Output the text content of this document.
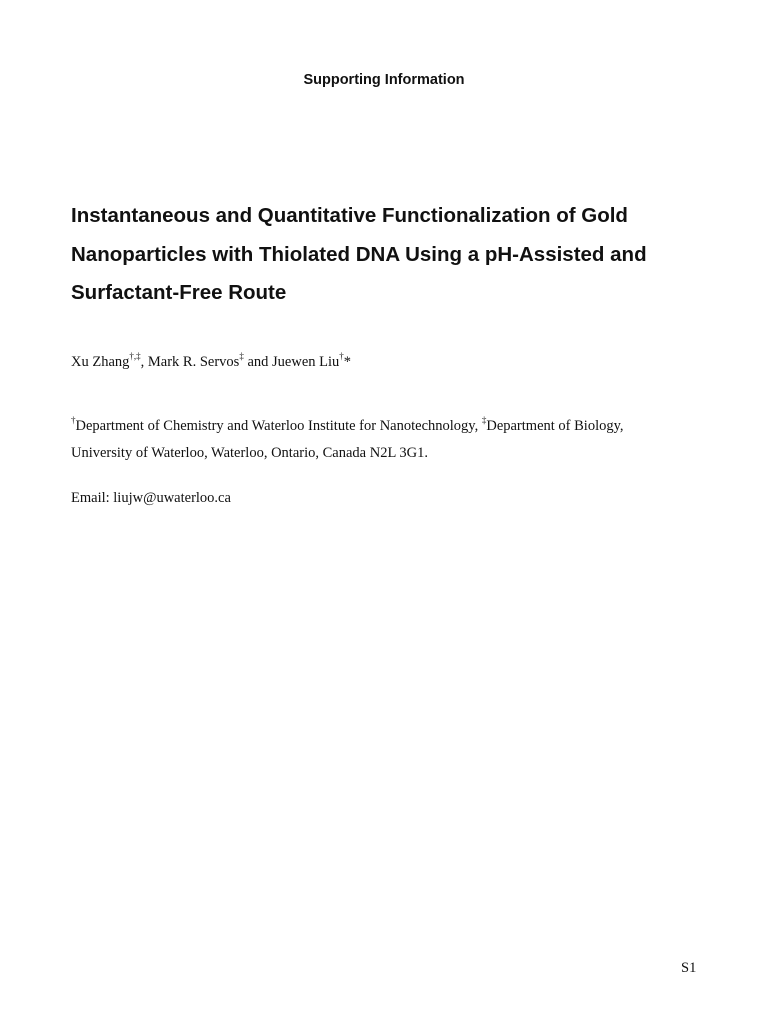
Supporting Information
Instantaneous and Quantitative Functionalization of Gold
Nanoparticles with Thiolated DNA Using a pH-Assisted and
Surfactant-Free Route
Xu Zhang†,‡, Mark R. Servos‡ and Juewen Liu†*
†Department of Chemistry and Waterloo Institute for Nanotechnology, ‡Department of Biology,
University of Waterloo, Waterloo, Ontario, Canada N2L 3G1.
Email: liujw@uwaterloo.ca
S1
